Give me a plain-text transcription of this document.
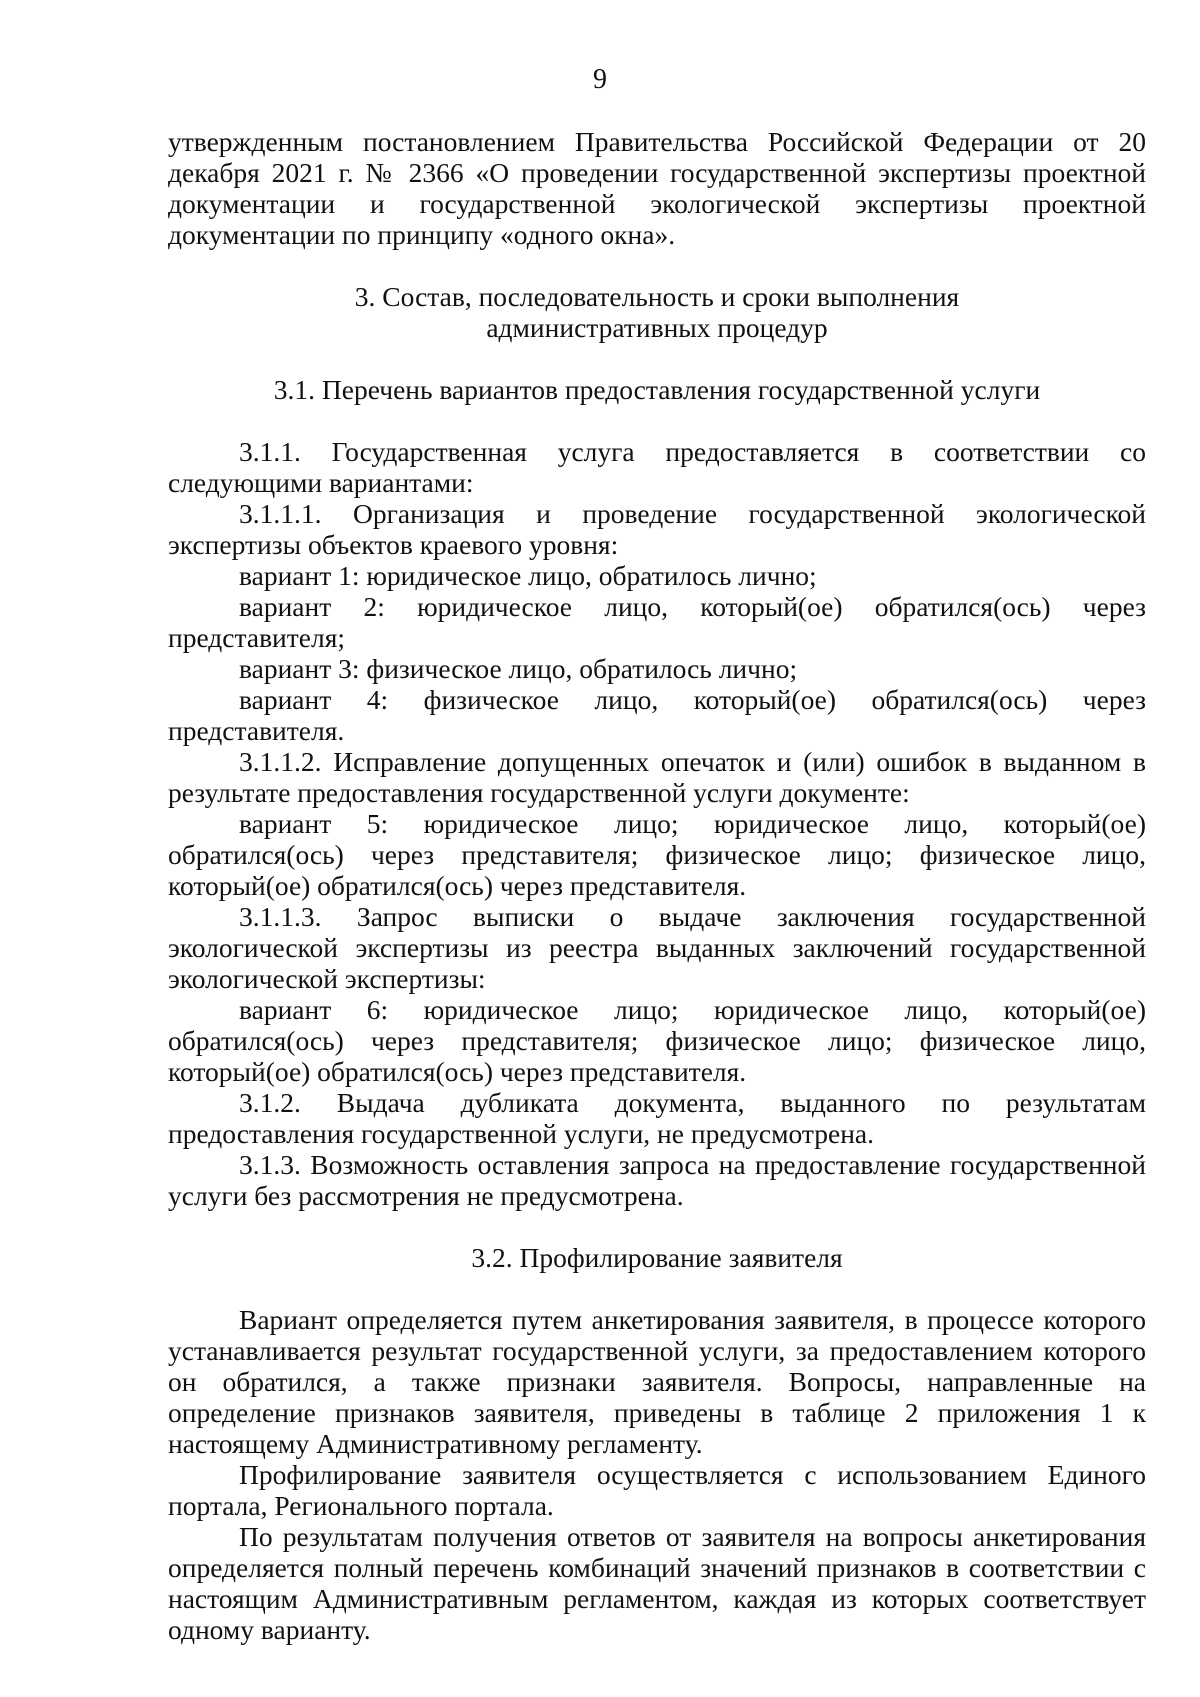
9

утвержденным постановлением Правительства Российской Федерации от 20 декабря 2021 г. № 2366 «О проведении государственной экспертизы проектной документации и государственной экологической экспертизы проектной документации по принципу «одного окна».

3. Состав, последовательность и сроки выполнения

административных процедур

3.1. Перечень вариантов предоставления государственной услуги

3.1.1. Государственная услуга предоставляется в соответствии со следующими вариантами:

3.1.1.1. Организация и проведение государственной экологической экспертизы объектов краевого уровня:

вариант 1: юридическое лицо, обратилось лично;

вариант 2: юридическое лицо, который(ое) обратился(ось) через представителя;

вариант 3: физическое лицо, обратилось лично;

вариант 4: физическое лицо, который(ое) обратился(ось) через представителя.

3.1.1.2. Исправление допущенных опечаток и (или) ошибок в выданном в результате предоставления государственной услуги документе:

вариант 5: юридическое лицо; юридическое лицо, который(ое) обратился(ось) через представителя; физическое лицо; физическое лицо, который(ое) обратился(ось) через представителя.

3.1.1.3. Запрос выписки о выдаче заключения государственной экологической экспертизы из реестра выданных заключений государственной экологической экспертизы:

вариант 6: юридическое лицо; юридическое лицо, который(ое) обратился(ось) через представителя; физическое лицо; физическое лицо, который(ое) обратился(ось) через представителя.

3.1.2. Выдача дубликата документа, выданного по результатам предоставления государственной услуги, не предусмотрена.

3.1.3. Возможность оставления запроса на предоставление государственной услуги без рассмотрения не предусмотрена.

3.2. Профилирование заявителя

Вариант определяется путем анкетирования заявителя, в процессе которого устанавливается результат государственной услуги, за предоставлением которого он обратился, а также признаки заявителя. Вопросы, направленные на определение признаков заявителя, приведены в таблице 2 приложения 1 к настоящему Административному регламенту.

Профилирование заявителя осуществляется с использованием Единого портала, Регионального портала.

По результатам получения ответов от заявителя на вопросы анкетирования определяется полный перечень комбинаций значений признаков в соответствии с настоящим Административным регламентом, каждая из которых соответствует одному варианту.
